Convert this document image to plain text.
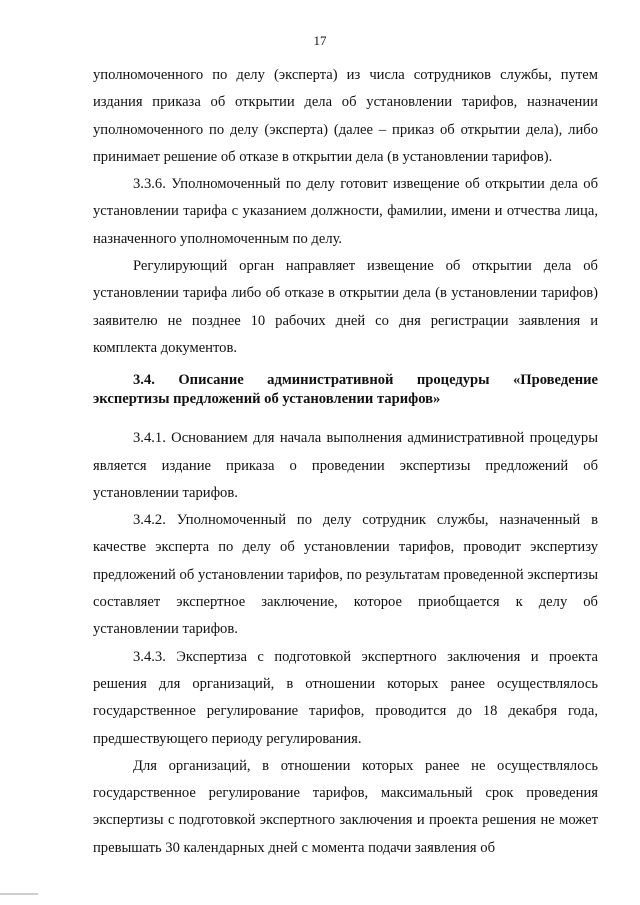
17

уполномоченного по делу (эксперта) из числа сотрудников службы, путем издания приказа об открытии дела об установлении тарифов, назначении уполномоченного по делу (эксперта) (далее – приказ об открытии дела), либо принимает решение об отказе в открытии дела (в установлении тарифов).

3.3.6. Уполномоченный по делу готовит извещение об открытии дела об установлении тарифа с указанием должности, фамилии, имени и отчества лица, назначенного уполномоченным по делу.

Регулирующий орган направляет извещение об открытии дела об установлении тарифа либо об отказе в открытии дела (в установлении тарифов) заявителю не позднее 10 рабочих дней со дня регистрации заявления и комплекта документов.

3.4. Описание административной процедуры «Проведение экспертизы предложений об установлении тарифов»

3.4.1. Основанием для начала выполнения административной процедуры является издание приказа о проведении экспертизы предложений об установлении тарифов.

3.4.2. Уполномоченный по делу сотрудник службы, назначенный в качестве эксперта по делу об установлении тарифов, проводит экспертизу предложений об установлении тарифов, по результатам проведенной экспертизы составляет экспертное заключение, которое приобщается к делу об установлении тарифов.

3.4.3. Экспертиза с подготовкой экспертного заключения и проекта решения для организаций, в отношении которых ранее осуществлялось государственное регулирование тарифов, проводится до 18 декабря года, предшествующего периоду регулирования.

Для организаций, в отношении которых ранее не осуществлялось государственное регулирование тарифов, максимальный срок проведения экспертизы с подготовкой экспертного заключения и проекта решения не может превышать 30 календарных дней с момента подачи заявления об
